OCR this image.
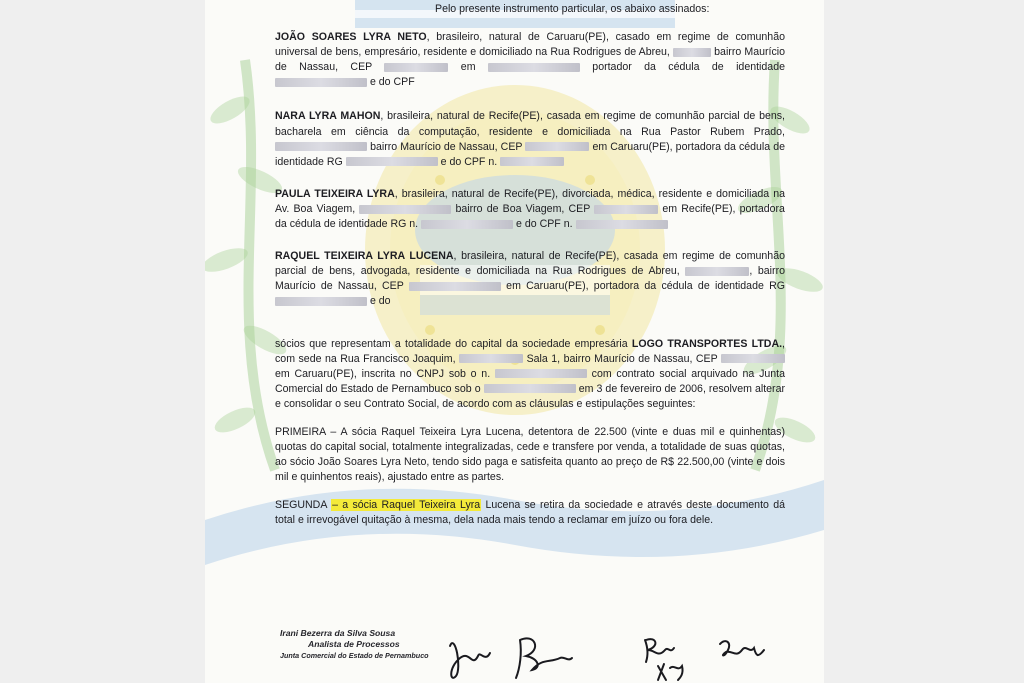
Pelo presente instrumento particular, os abaixo assinados:

JOÃO SOARES LYRA NETO, brasileiro, natural de Caruaru(PE), casado em regime de comunhão universal de bens, empresário, residente e domiciliado na Rua Rodrigues de Abreu,	bairro Maurício de Nassau, CEP	em	portador da cédula de identidade  e do CPF

NARA LYRA MAHON, brasileira, natural de Recife(PE), casada em regime de comunhão parcial de bens, bacharela em ciência da computação, residente e domiciliada na Rua Pastor Rubem Prado,  bairro Maurício de Nassau, CEP	em Caruaru(PE), portadora da cédula de identidade RG	e do CPF n.

PAULA TEIXEIRA LYRA, brasileira, natural de Recife(PE), divorciada, médica, residente e domiciliada na Av. Boa Viagem,	bairro de Boa Viagem, CEP	em Recife(PE), portadora da cédula de identidade RG n.	e do CPF n.

RAQUEL TEIXEIRA LYRA LUCENA, brasileira, natural de Recife(PE), casada em regime de comunhão parcial de bens, advogada, residente e domiciliada na Rua Rodrigues de Abreu,	, bairro Maurício de Nassau, CEP	em Caruaru(PE), portadora da cédula de identidade RG  e do

sócios que representam a totalidade do capital da sociedade empresária LOGO TRANSPORTES LTDA., com sede na Rua Francisco Joaquim,	Sala 1, bairro Maurício de Nassau, CEP  em Caruaru(PE), inscrita no CNPJ sob o n.	com contrato social arquivado na Junta Comercial do Estado de Pernambuco sob o	em 3 de fevereiro de 2006, resolvem alterar e consolidar o seu Contrato Social, de acordo com as cláusulas e estipulações seguintes:

PRIMEIRA – A sócia Raquel Teixeira Lyra Lucena, detentora de 22.500 (vinte e duas mil e quinhentas) quotas do capital social, totalmente integralizadas, cede e transfere por venda, a totalidade de suas quotas, ao sócio João Soares Lyra Neto, tendo sido paga e satisfeita quanto ao preço de R$ 22.500,00 (vinte e dois mil e quinhentos reais), ajustado entre as partes.

SEGUNDA – a sócia Raquel Teixeira Lyra Lucena se retira da sociedade e através deste documento dá total e irrevogável quitação à mesma, dela nada mais tendo a reclamar em juízo ou fora dele.

Irani Bezerra da Silva Sousa
Analista de Processos
Junta Comercial do Estado de Pernambuco
